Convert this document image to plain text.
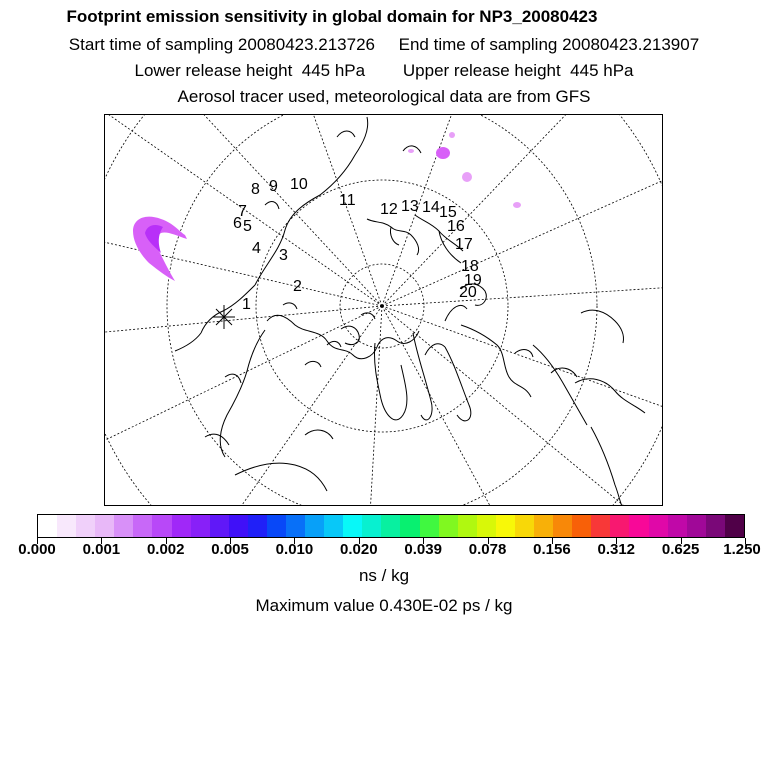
Footprint emission sensitivity in global domain for NP3_20080423
Start time of sampling 20080423.213726     End time of sampling 20080423.213907
Lower release height  445 hPa        Upper release height  445 hPa
Aerosol tracer used, meteorological data are from GFS
1
2
3
4
5
6
7
8 9 10
11
12 13 14 15
16
17
18
19
20
0.000 0.001 0.002 0.005 0.010 0.020 0.039 0.078 0.156 0.312 0.625 1.250
ns / kg
Maximum value 0.430E-02 ps / kg
